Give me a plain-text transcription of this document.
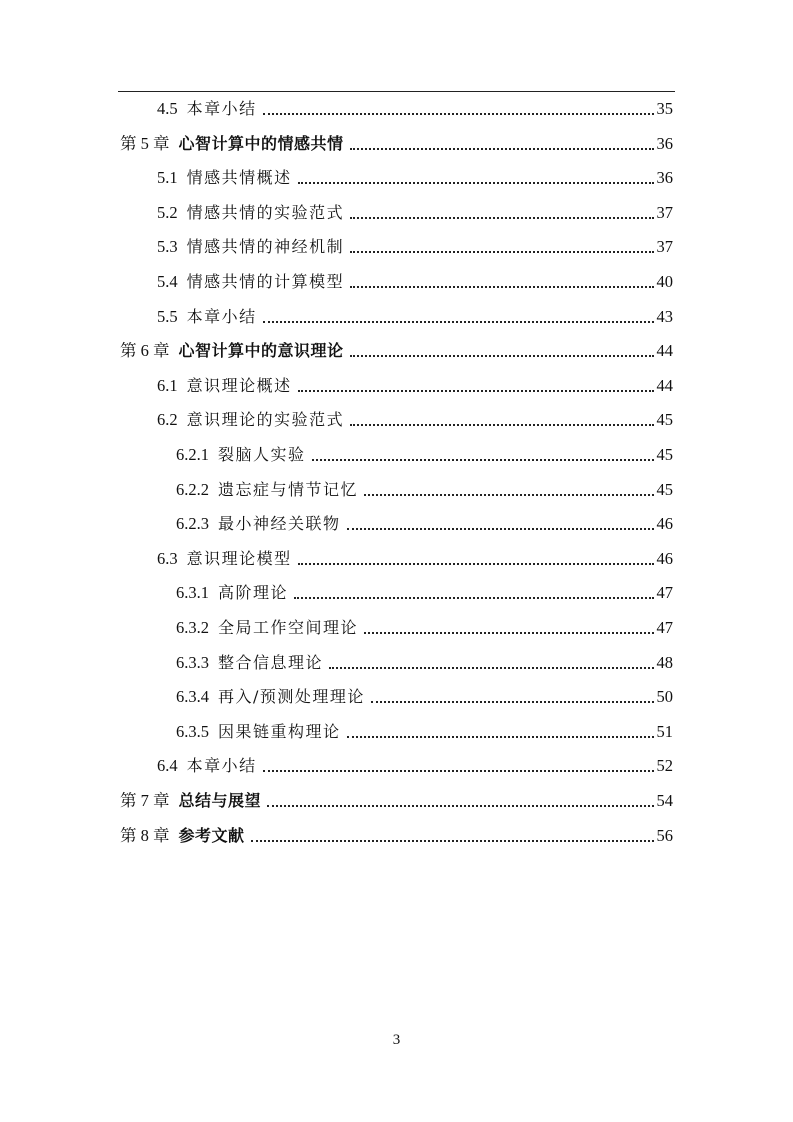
4.5 本章小结	35
第 5 章 心智计算中的情感共情	36
5.1 情感共情概述	36
5.2 情感共情的实验范式	37
5.3 情感共情的神经机制	37
5.4 情感共情的计算模型	40
5.5 本章小结	43
第 6 章 心智计算中的意识理论	44
6.1 意识理论概述	44
6.2 意识理论的实验范式	45
6.2.1 裂脑人实验	45
6.2.2 遗忘症与情节记忆	45
6.2.3 最小神经关联物	46
6.3 意识理论模型	46
6.3.1 高阶理论	47
6.3.2 全局工作空间理论	47
6.3.3 整合信息理论	48
6.3.4 再入/预测处理理论	50
6.3.5 因果链重构理论	51
6.4 本章小结	52
第 7 章 总结与展望	54
第 8 章 参考文献	56
3
